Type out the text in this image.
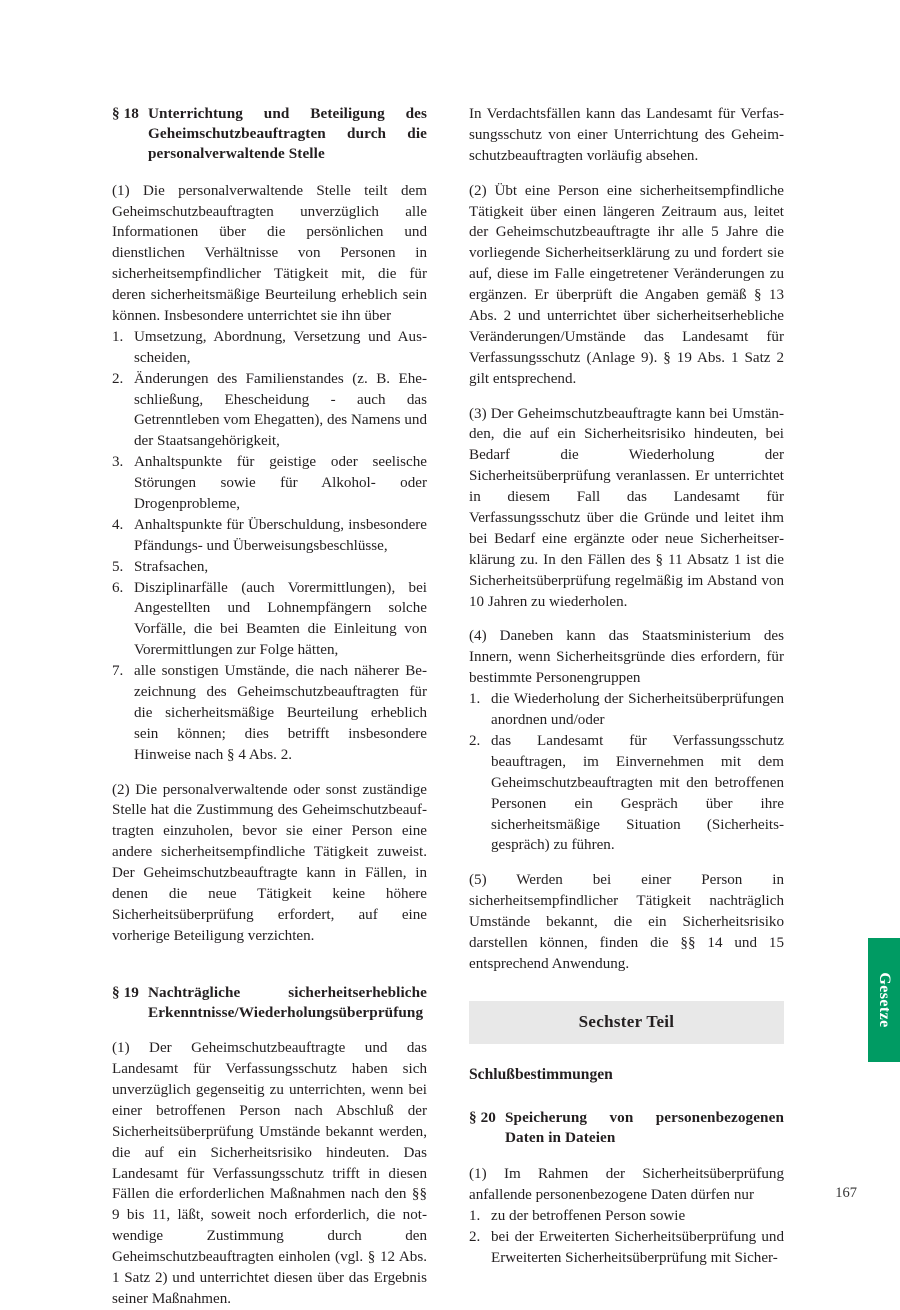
§ 18 Unterrichtung und Beteiligung des Geheimschutzbeauftragten durch die personalverwaltende Stelle

(1) Die personalverwaltende Stelle teilt dem Geheimschutzbeauftragten unverzüglich alle Informationen über die persönlichen und dienstlichen Verhältnisse von Personen in sicherheitsempfindlicher Tätigkeit mit, die für deren sicherheitsmäßige Beurteilung erheblich sein können. Insbesondere unterrichtet sie ihn über

1. Umsetzung, Abordnung, Versetzung und Ausscheiden,
2. Änderungen des Familienstandes (z. B. Eheschließung, Ehescheidung - auch das Getrenntleben vom Ehegatten), des Namens und der Staatsangehörigkeit,
3. Anhaltspunkte für geistige oder seelische Störungen sowie für Alkohol- oder Drogenprobleme,
4. Anhaltspunkte für Überschuldung, insbesondere Pfändungs- und Überweisungsbeschlüsse,
5. Strafsachen,
6. Disziplinarfälle (auch Vorermittlungen), bei Angestellten und Lohnempfängern solche Vorfälle, die bei Beamten die Einleitung von Vorermittlungen zur Folge hätten,
7. alle sonstigen Umstände, die nach näherer Bezeichnung des Geheimschutzbeauftragten für die sicherheitsmäßige Beurteilung erheblich sein können; dies betrifft insbesondere Hinweise nach § 4 Abs. 2.

(2) Die personalverwaltende oder sonst zuständige Stelle hat die Zustimmung des Geheimschutzbeauftragten einzuholen, bevor sie einer Person eine andere sicherheitsempfindliche Tätigkeit zuweist. Der Geheimschutzbeauftragte kann in Fällen, in denen die neue Tätigkeit keine höhere Sicherheitsüberprüfung erfordert, auf eine vorherige Beteiligung verzichten.

§ 19 Nachträgliche sicherheitserhebliche Erkenntnisse/Wiederholungsüberprüfung

(1) Der Geheimschutzbeauftragte und das Landesamt für Verfassungsschutz haben sich unverzüglich gegenseitig zu unterrichten, wenn bei einer betroffenen Person nach Abschluß der Sicherheitsüberprüfung Umstände bekannt werden, die auf ein Sicherheitsrisiko hindeuten. Das Landesamt für Verfassungsschutz trifft in diesen Fällen die erforderlichen Maßnahmen nach den §§ 9 bis 11, läßt, soweit noch erforderlich, die notwendige Zustimmung durch den Geheimschutzbeauftragten einholen (vgl. § 12 Abs. 1 Satz 2) und unterrichtet diesen über das Ergebnis seiner Maßnahmen.

In Verdachtsfällen kann das Landesamt für Verfassungsschutz von einer Unterrichtung des Geheimschutzbeauftragten vorläufig absehen.

(2) Übt eine Person eine sicherheitsempfindliche Tätigkeit über einen längeren Zeitraum aus, leitet der Geheimschutzbeauftragte ihr alle 5 Jahre die vorliegende Sicherheitserklärung zu und fordert sie auf, diese im Falle eingetretener Veränderungen zu ergänzen. Er überprüft die Angaben gemäß § 13 Abs. 2 und unterrichtet über sicherheitserhebliche Veränderungen/Umstände das Landesamt für Verfassungsschutz (Anlage 9). § 19 Abs. 1 Satz 2 gilt entsprechend.

(3) Der Geheimschutzbeauftragte kann bei Umständen, die auf ein Sicherheitsrisiko hindeuten, bei Bedarf die Wiederholung der Sicherheitsüberprüfung veranlassen. Er unterrichtet in diesem Fall das Landesamt für Verfassungsschutz über die Gründe und leitet ihm bei Bedarf eine ergänzte oder neue Sicherheitserklärung zu. In den Fällen des § 11 Absatz 1 ist die Sicherheitsüberprüfung regelmäßig im Abstand von 10 Jahren zu wiederholen.

(4) Daneben kann das Staatsministerium des Innern, wenn Sicherheitsgründe dies erfordern, für bestimmte Personengruppen

1. die Wiederholung der Sicherheitsüberprüfungen anordnen und/oder
2. das Landesamt für Verfassungsschutz beauftragen, im Einvernehmen mit dem Geheimschutzbeauftragten mit den betroffenen Personen ein Gespräch über ihre sicherheitsmäßige Situation (Sicherheitsgespräch) zu führen.

(5) Werden bei einer Person in sicherheitsempfindlicher Tätigkeit nachträglich Umstände bekannt, die ein Sicherheitsrisiko darstellen können, finden die §§ 14 und 15 entsprechend Anwendung.

Sechster Teil
Schlußbestimmungen
§ 20 Speicherung von personenbezogenen Daten in Dateien

(1) Im Rahmen der Sicherheitsüberprüfung anfallende personenbezogene Daten dürfen nur

1. zu der betroffenen Person sowie
2. bei der Erweiterten Sicherheitsüberprüfung und Erweiterten Sicherheitsüberprüfung mit Sicher-
Gesetze
167
